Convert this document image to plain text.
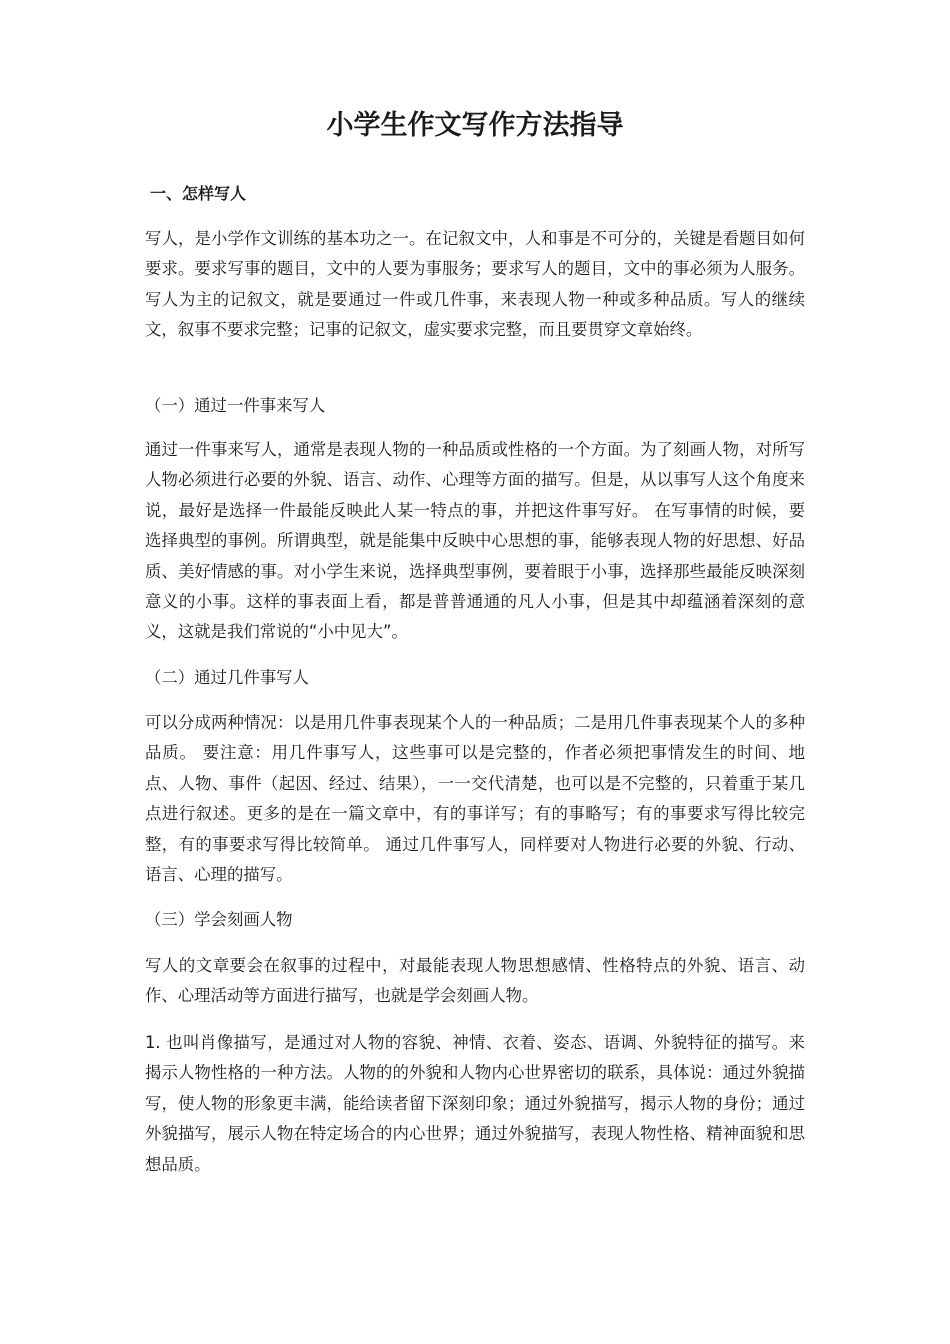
小学生作文写作方法指导
一、怎样写人

写人，是小学作文训练的基本功之一。在记叙文中，人和事是不可分的，关键是看题目如何要求。要求写事的题目，文中的人要为事服务；要求写人的题目，文中的事必须为人服务。写人为主的记叙文，就是要通过一件或几件事，来表现人物一种或多种品质。写人的继续文，叙事不要求完整；记事的记叙文，虚实要求完整，而且要贯穿文章始终。

（一）通过一件事来写人

通过一件事来写人，通常是表现人物的一种品质或性格的一个方面。为了刻画人物，对所写人物必须进行必要的外貌、语言、动作、心理等方面的描写。但是，从以事写人这个角度来说，最好是选择一件最能反映此人某一特点的事，并把这件事写好。 在写事情的时候，要选择典型的事例。所谓典型，就是能集中反映中心思想的事，能够表现人物的好思想、好品质、美好情感的事。对小学生来说，选择典型事例，要着眼于小事，选择那些最能反映深刻意义的小事。这样的事表面上看，都是普普通通的凡人小事，但是其中却蕴涵着深刻的意义，这就是我们常说的“小中见大”。

（二）通过几件事写人

可以分成两种情况：以是用几件事表现某个人的一种品质；二是用几件事表现某个人的多种品质。 要注意：用几件事写人，这些事可以是完整的，作者必须把事情发生的时间、地点、人物、事件（起因、经过、结果），一一交代清楚，也可以是不完整的，只着重于某几点进行叙述。更多的是在一篇文章中，有的事详写；有的事略写；有的事要求写得比较完整，有的事要求写得比较简单。 通过几件事写人，同样要对人物进行必要的外貌、行动、语言、心理的描写。

（三）学会刻画人物

写人的文章要会在叙事的过程中，对最能表现人物思想感情、性格特点的外貌、语言、动作、心理活动等方面进行描写，也就是学会刻画人物。

1. 也叫肖像描写，是通过对人物的容貌、神情、衣着、姿态、语调、外貌特征的描写。来揭示人物性格的一种方法。人物的的外貌和人物内心世界密切的联系，具体说：通过外貌描写，使人物的形象更丰满，能给读者留下深刻印象；通过外貌描写，揭示人物的身份；通过外貌描写，展示人物在特定场合的内心世界；通过外貌描写，表现人物性格、精神面貌和思想品质。
